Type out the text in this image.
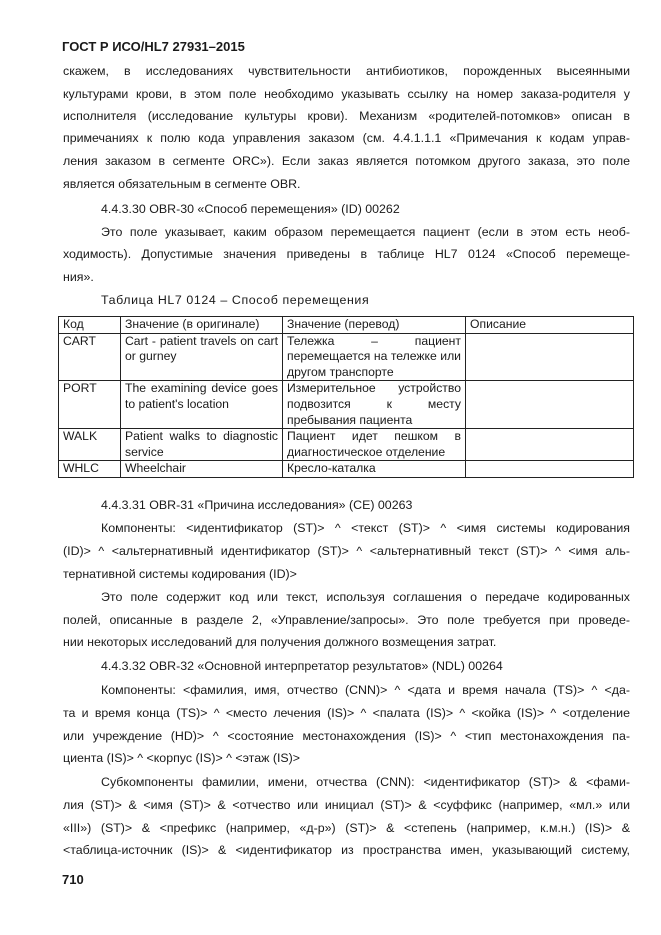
ГОСТ Р ИСО/HL7 27931–2015
скажем, в исследованиях чувствительности антибиотиков, порожденных высеянными
культурами крови, в этом поле необходимо указывать ссылку на номер заказа-родителя у
исполнителя (исследование культуры крови). Механизм «родителей-потомков» описан в
примечаниях к полю кода управления заказом (см. 4.4.1.1.1 «Примечания к кодам управ-
ления заказом в сегменте ORC»). Если заказ является потомком другого заказа, это поле
является обязательным в сегменте OBR.
4.4.3.30 OBR-30 «Способ перемещения» (ID) 00262
Это поле указывает, каким образом перемещается пациент (если в этом есть необ-
ходимость). Допустимые значения приведены в таблице HL7 0124 «Способ перемеще-
ния».
Таблица HL7 0124 – Способ перемещения
Код	Значение (в оригинале)	Значение (перевод)	Описание
CART	Cart - patient travels on cart or gurney	Тележка – пациент перемещается на тележке или другом транспорте	
PORT	The examining device goes to patient's location	Измерительное устройство подвозится к месту пребывания пациента	
WALK	Patient walks to diagnostic service	Пациент идет пешком в диагностическое отделение	
WHLC	Wheelchair	Кресло-каталка	
4.4.3.31 OBR-31 «Причина исследования» (CE) 00263
Компоненты: <идентификатор (ST)> ^ <текст (ST)> ^ <имя системы кодирования
(ID)> ^ <альтернативный идентификатор (ST)> ^ <альтернативный текст (ST)> ^ <имя аль-
тернативной системы кодирования (ID)>
Это поле содержит код или текст, используя соглашения о передаче кодированных
полей, описанные в разделе 2, «Управление/запросы». Это поле требуется при проведе-
нии некоторых исследований для получения должного возмещения затрат.
4.4.3.32 OBR-32 «Основной интерпретатор результатов» (NDL) 00264
Компоненты: <фамилия, имя, отчество (CNN)> ^ <дата и время начала (TS)> ^ <да-
та и время конца (TS)> ^ <место лечения (IS)> ^ <палата (IS)> ^ <койка (IS)> ^ <отделение
или учреждение (HD)> ^ <состояние местонахождения (IS)> ^ <тип местонахождения па-
циента (IS)> ^ <корпус (IS)> ^ <этаж (IS)>
Субкомпоненты фамилии, имени, отчества (CNN): <идентификатор (ST)> & <фами-
лия (ST)> & <имя (ST)> & <отчество или инициал (ST)> & <суффикс (например, «мл.» или
«III») (ST)> & <префикс (например, «д-р») (ST)> & <степень (например, к.м.н.) (IS)> &
<таблица-источник (IS)> & <идентификатор из пространства имен, указывающий систему,
710
